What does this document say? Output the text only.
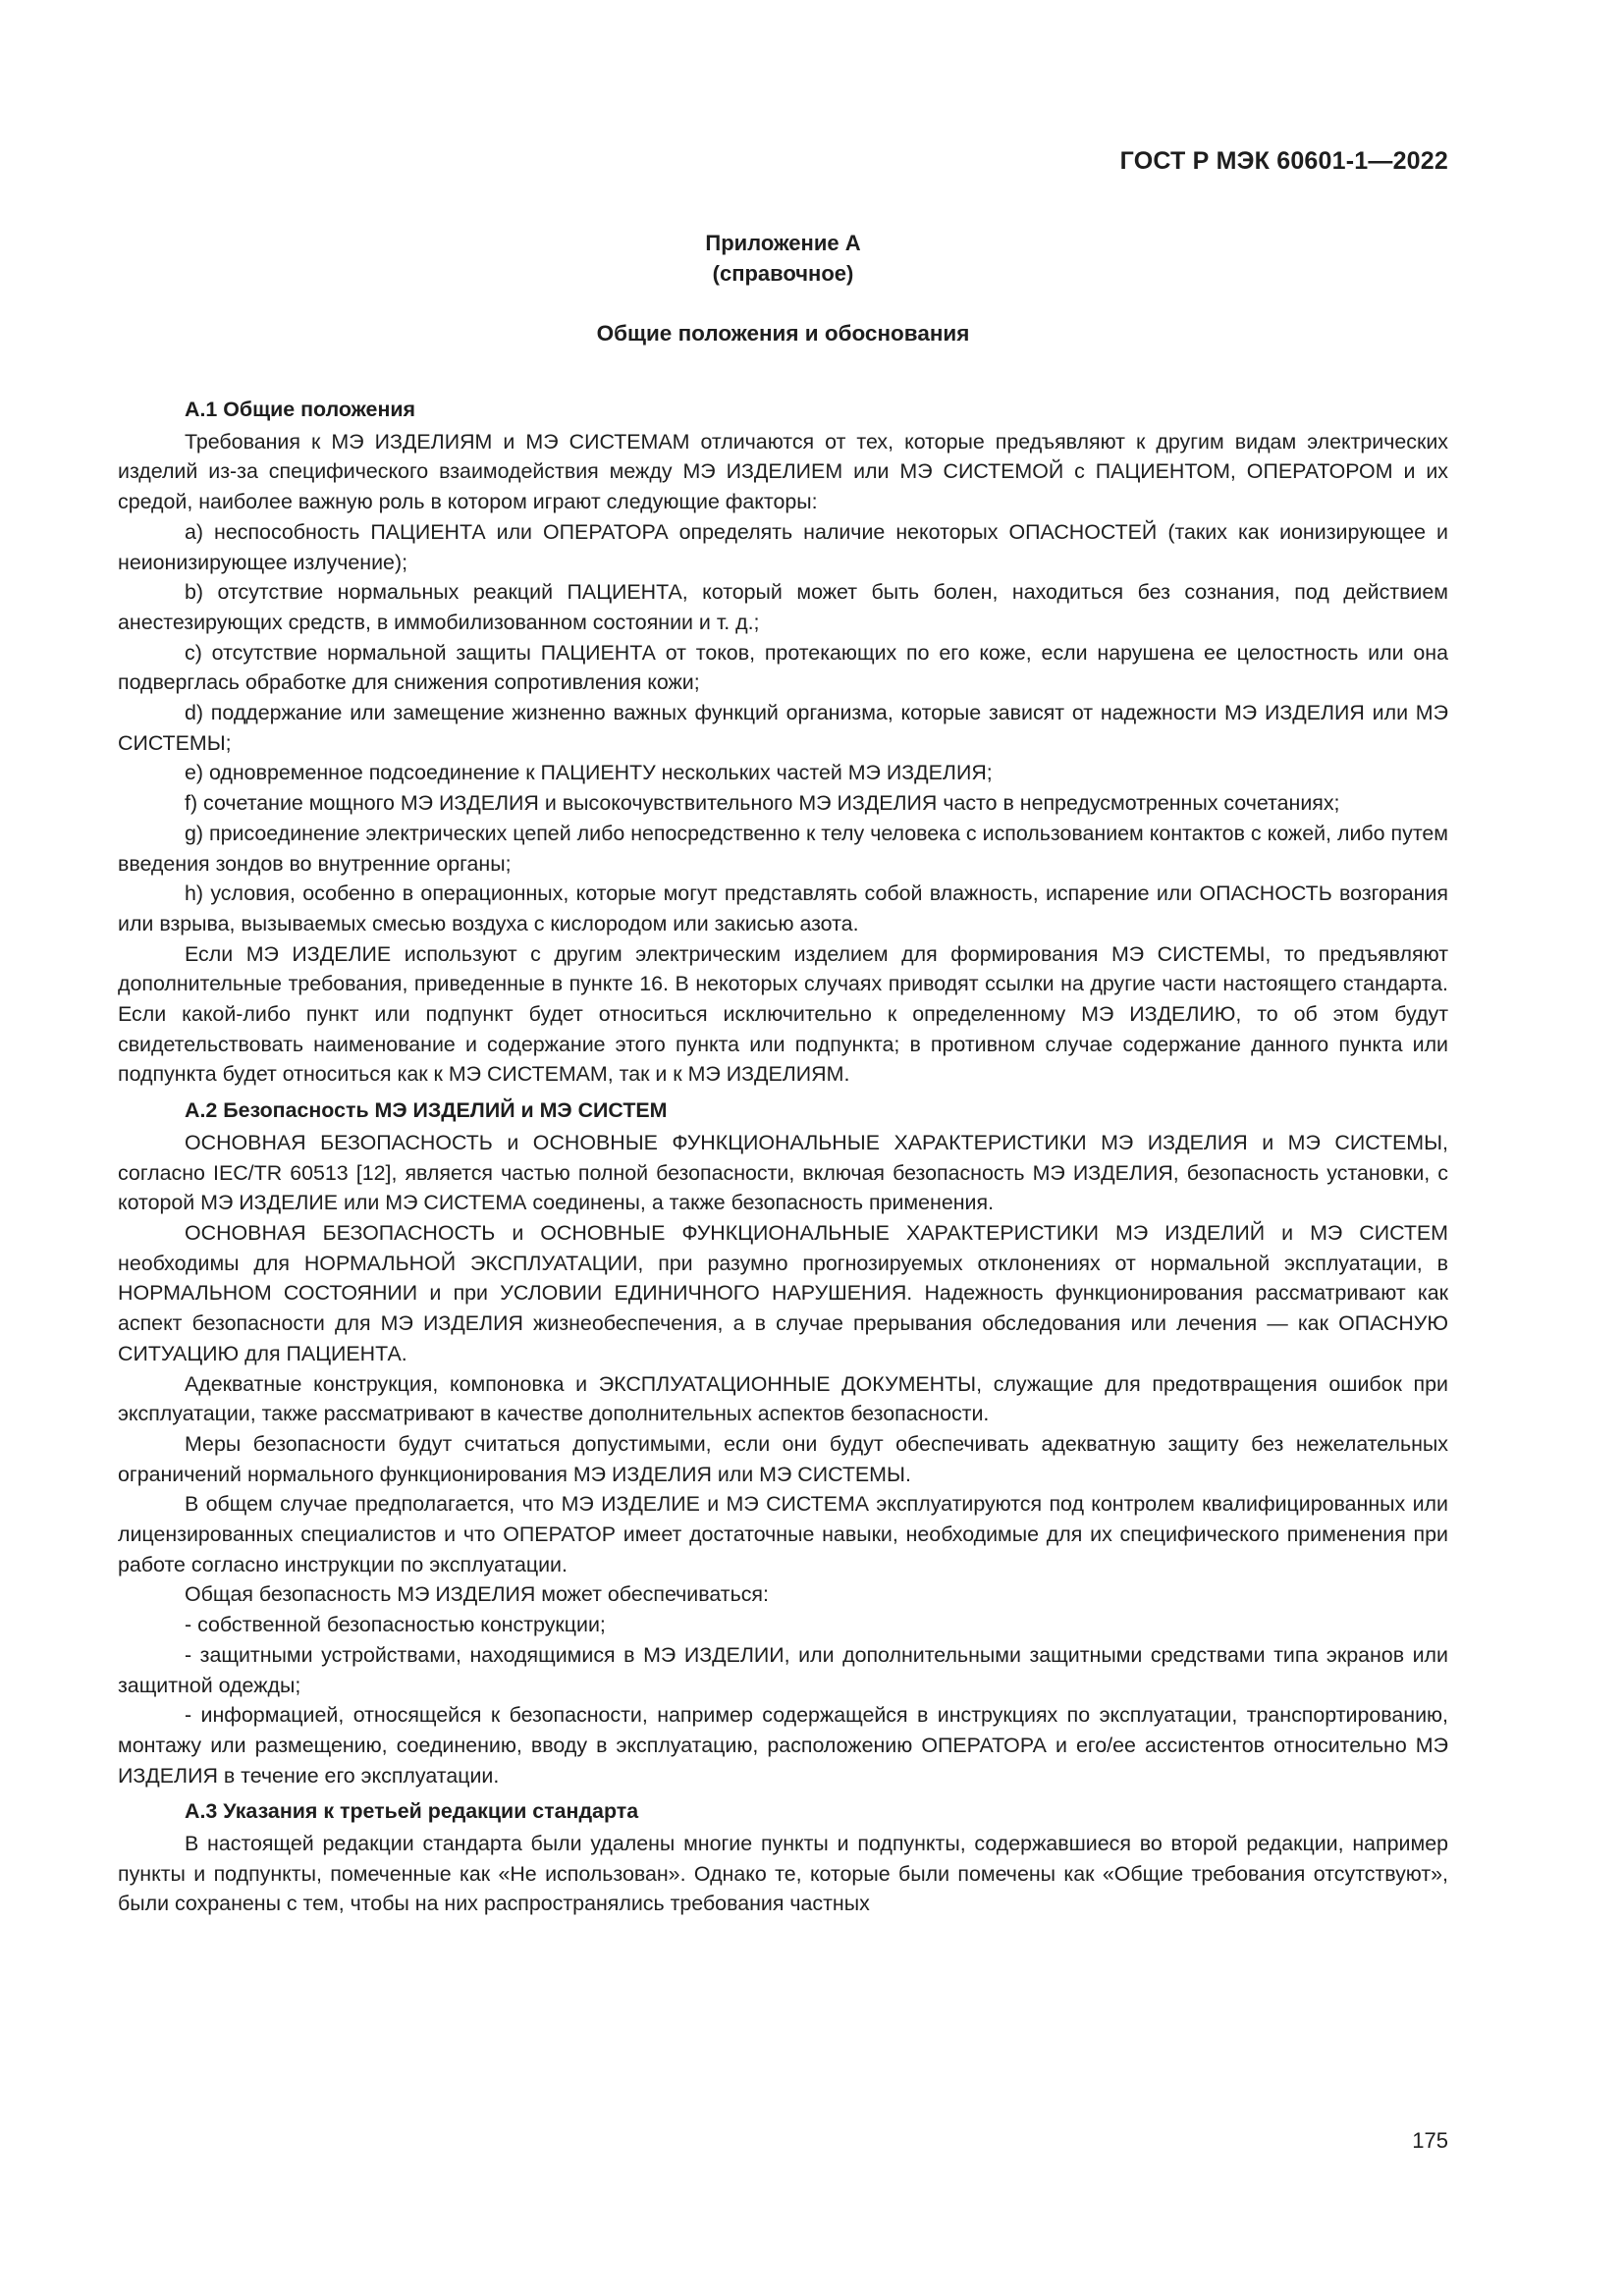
ГОСТ Р МЭК 60601-1—2022
Приложение А
(справочное)
Общие положения и обоснования
А.1 Общие положения

Требования к МЭ ИЗДЕЛИЯМ и МЭ СИСТЕМАМ отличаются от тех, которые предъявляют к другим видам электрических изделий из-за специфического взаимодействия между МЭ ИЗДЕЛИЕМ или МЭ СИСТЕМОЙ с ПАЦИЕНТОМ, ОПЕРАТОРОМ и их средой, наиболее важную роль в котором играют следующие факторы:

a) неспособность ПАЦИЕНТА или ОПЕРАТОРА определять наличие некоторых ОПАСНОСТЕЙ (таких как ионизирующее и неионизирующее излучение);

b) отсутствие нормальных реакций ПАЦИЕНТА, который может быть болен, находиться без сознания, под действием анестезирующих средств, в иммобилизованном состоянии и т. д.;

c) отсутствие нормальной защиты ПАЦИЕНТА от токов, протекающих по его коже, если нарушена ее целостность или она подверглась обработке для снижения сопротивления кожи;

d) поддержание или замещение жизненно важных функций организма, которые зависят от надежности МЭ ИЗДЕЛИЯ или МЭ СИСТЕМЫ;

e) одновременное подсоединение к ПАЦИЕНТУ нескольких частей МЭ ИЗДЕЛИЯ;

f) сочетание мощного МЭ ИЗДЕЛИЯ и высокочувствительного МЭ ИЗДЕЛИЯ часто в непредусмотренных сочетаниях;

g) присоединение электрических цепей либо непосредственно к телу человека с использованием контактов с кожей, либо путем введения зондов во внутренние органы;

h) условия, особенно в операционных, которые могут представлять собой влажность, испарение или ОПАСНОСТЬ возгорания или взрыва, вызываемых смесью воздуха с кислородом или закисью азота.

Если МЭ ИЗДЕЛИЕ используют с другим электрическим изделием для формирования МЭ СИСТЕМЫ, то предъявляют дополнительные требования, приведенные в пункте 16. В некоторых случаях приводят ссылки на другие части настоящего стандарта. Если какой-либо пункт или подпункт будет относиться исключительно к определенному МЭ ИЗДЕЛИЮ, то об этом будут свидетельствовать наименование и содержание этого пункта или подпункта; в противном случае содержание данного пункта или подпункта будет относиться как к МЭ СИСТЕМАМ, так и к МЭ ИЗДЕЛИЯМ.

А.2 Безопасность МЭ ИЗДЕЛИЙ и МЭ СИСТЕМ

ОСНОВНАЯ БЕЗОПАСНОСТЬ и ОСНОВНЫЕ ФУНКЦИОНАЛЬНЫЕ ХАРАКТЕРИСТИКИ МЭ ИЗДЕЛИЯ и МЭ СИСТЕМЫ, согласно IEC/TR 60513 [12], является частью полной безопасности, включая безопасность МЭ ИЗДЕЛИЯ, безопасность установки, с которой МЭ ИЗДЕЛИЕ или МЭ СИСТЕМА соединены, а также безопасность применения.

ОСНОВНАЯ БЕЗОПАСНОСТЬ и ОСНОВНЫЕ ФУНКЦИОНАЛЬНЫЕ ХАРАКТЕРИСТИКИ МЭ ИЗДЕЛИЙ и МЭ СИСТЕМ необходимы для НОРМАЛЬНОЙ ЭКСПЛУАТАЦИИ, при разумно прогнозируемых отклонениях от нормальной эксплуатации, в НОРМАЛЬНОМ СОСТОЯНИИ и при УСЛОВИИ ЕДИНИЧНОГО НАРУШЕНИЯ. Надежность функционирования рассматривают как аспект безопасности для МЭ ИЗДЕЛИЯ жизнеобеспечения, а в случае прерывания обследования или лечения — как ОПАСНУЮ СИТУАЦИЮ для ПАЦИЕНТА.

Адекватные конструкция, компоновка и ЭКСПЛУАТАЦИОННЫЕ ДОКУМЕНТЫ, служащие для предотвращения ошибок при эксплуатации, также рассматривают в качестве дополнительных аспектов безопасности.

Меры безопасности будут считаться допустимыми, если они будут обеспечивать адекватную защиту без нежелательных ограничений нормального функционирования МЭ ИЗДЕЛИЯ или МЭ СИСТЕМЫ.

В общем случае предполагается, что МЭ ИЗДЕЛИЕ и МЭ СИСТЕМА эксплуатируются под контролем квалифицированных или лицензированных специалистов и что ОПЕРАТОР имеет достаточные навыки, необходимые для их специфического применения при работе согласно инструкции по эксплуатации.

Общая безопасность МЭ ИЗДЕЛИЯ может обеспечиваться:

- собственной безопасностью конструкции;

- защитными устройствами, находящимися в МЭ ИЗДЕЛИИ, или дополнительными защитными средствами типа экранов или защитной одежды;

- информацией, относящейся к безопасности, например содержащейся в инструкциях по эксплуатации, транспортированию, монтажу или размещению, соединению, вводу в эксплуатацию, расположению ОПЕРАТОРА и его/ее ассистентов относительно МЭ ИЗДЕЛИЯ в течение его эксплуатации.

А.3 Указания к третьей редакции стандарта

В настоящей редакции стандарта были удалены многие пункты и подпункты, содержавшиеся во второй редакции, например пункты и подпункты, помеченные как «Не использован». Однако те, которые были помечены как «Общие требования отсутствуют», были сохранены с тем, чтобы на них распространялись требования частных

175
